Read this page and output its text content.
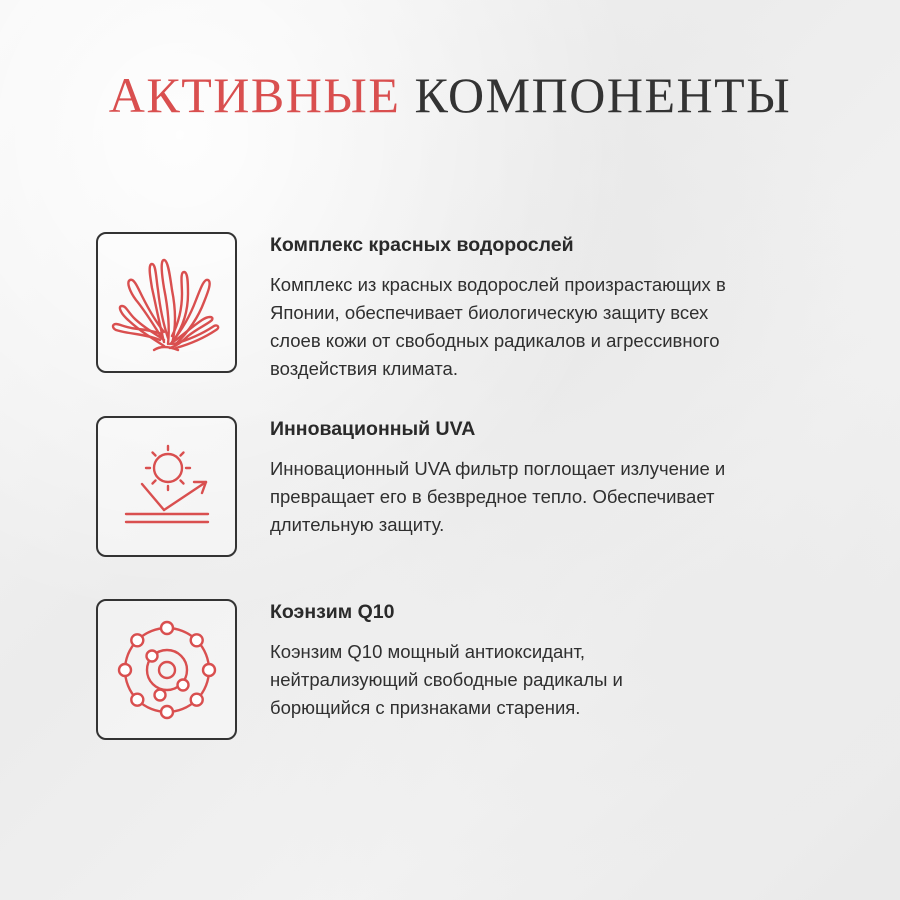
АКТИВНЫЕ КОМПОНЕНТЫ

Комплекс красных водорослей

Комплекс из красных водорослей произрастающих в
Японии, обеспечивает биологическую защиту всех
слоев кожи от свободных радикалов и агрессивного
воздействия климата.

Инновационный UVA

Инновационный UVA фильтр поглощает излучение и
превращает его в безвредное тепло. Обеспечивает
длительную защиту.

Коэнзим Q10

Коэнзим Q10 мощный антиоксидант,
нейтрализующий свободные радикалы и
борющийся с признаками старения.
